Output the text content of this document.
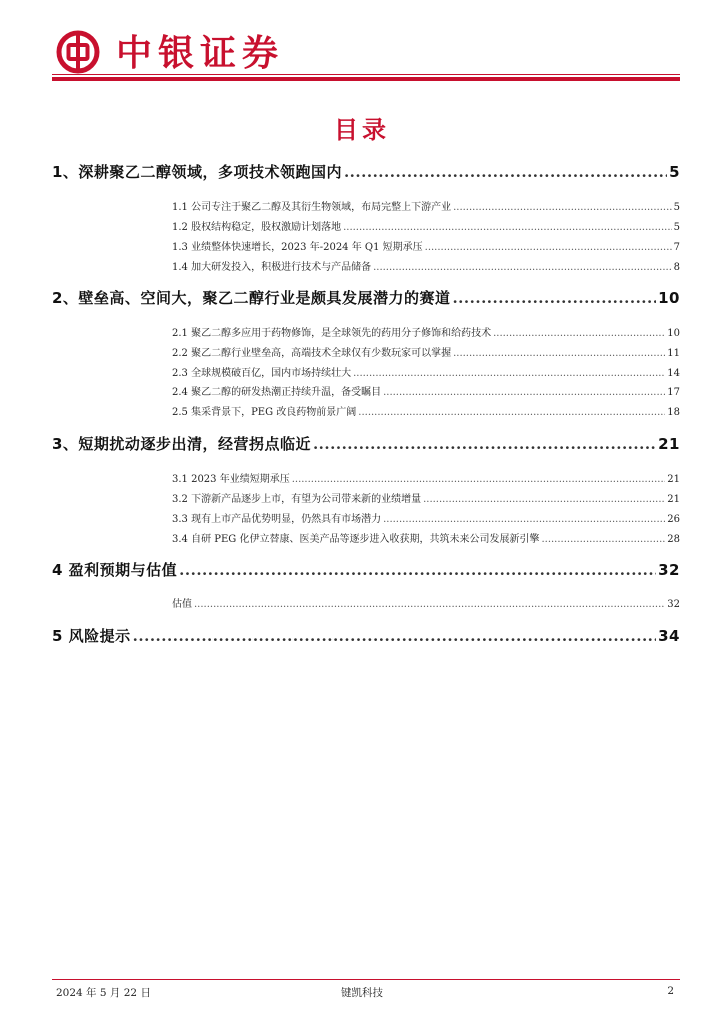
中银证券
目录
1、深耕聚乙二醇领域，多项技术领跑国内 .....	5
1.1 公司专注于聚乙二醇及其衍生物领域，布局完整上下游产业 .....	5
1.2 股权结构稳定，股权激励计划落地 .....	5
1.3 业绩整体快速增长，2023 年-2024 年 Q1 短期承压 .....	7
1.4 加大研发投入，积极进行技术与产品储备 .....	8
2、壁垒高、空间大，聚乙二醇行业是颇具发展潜力的赛道 .....	10
2.1 聚乙二醇多应用于药物修饰，是全球领先的药用分子修饰和给药技术 .....	10
2.2 聚乙二醇行业壁垒高，高端技术全球仅有少数玩家可以掌握 .....	11
2.3 全球规模破百亿，国内市场持续壮大 .....	14
2.4 聚乙二醇的研发热潮正持续升温，备受瞩目 .....	17
2.5 集采背景下，PEG 改良药物前景广阔 .....	18
3、短期扰动逐步出清，经营拐点临近 .....	21
3.1 2023 年业绩短期承压 .....	21
3.2 下游新产品逐步上市，有望为公司带来新的业绩增量 .....	21
3.3 现有上市产品优势明显，仍然具有市场潜力 .....	26
3.4 自研 PEG 化伊立替康、医美产品等逐步进入收获期，共筑未来公司发展新引擎 .....	28
4 盈利预期与估值 .....	32
估值 .....	32
5 风险提示 .....	34
2024 年 5 月 22 日	键凯科技	2
